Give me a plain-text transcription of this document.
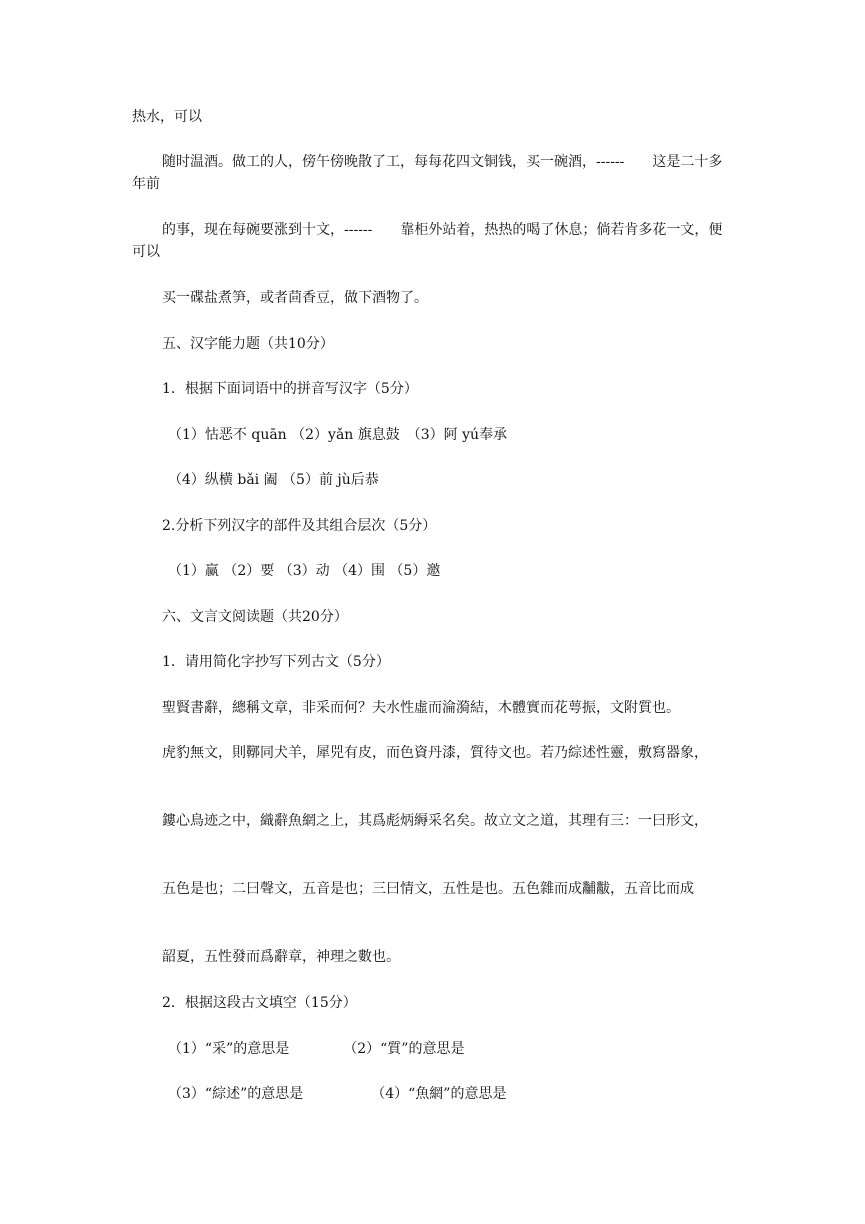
热水，可以

随时温酒。做工的人，傍午傍晚散了工，每每花四文铜钱，买一碗酒，------　　这是二十多年前

的事，现在每碗要涨到十文，------　　靠柜外站着，热热的喝了休息；倘若肯多花一文，便可以

买一碟盐煮笋，或者茴香豆，做下酒物了。

五、汉字能力题（共10分）

1．根据下面词语中的拼音写汉字（5分）

（1）怙恶不 quān （2）yǎn 旗息鼓　（3）阿 yú奉承

（4）纵横 bǎi 阖 （5）前 jù后恭

2.分析下列汉字的部件及其组合层次（5分）

（1）赢 （2）要 （3）动 （4）围 （5）邀

六、文言文阅读题（共20分）

1．请用简化字抄写下列古文（5分）

聖賢書辭，總稱文章，非采而何？夫水性虛而淪漪結，木體實而花萼振，文附質也。

虎豹無文，則鞹同犬羊，犀兕有皮，而色資丹漆，質待文也。若乃綜述性靈，敷寫器象，

鏤心鳥迹之中，織辭魚網之上，其爲彪炳縟采名矣。故立文之道，其理有三：一曰形文，

五色是也；二曰聲文，五音是也；三曰情文，五性是也。五色雜而成黼黻，五音比而成

韶夏，五性發而爲辭章，神理之數也。

2．根据这段古文填空（15分）

（1）“采”的意思是	（2）“質”的意思是

（3）“綜述”的意思是	（4）“魚網”的意思是
